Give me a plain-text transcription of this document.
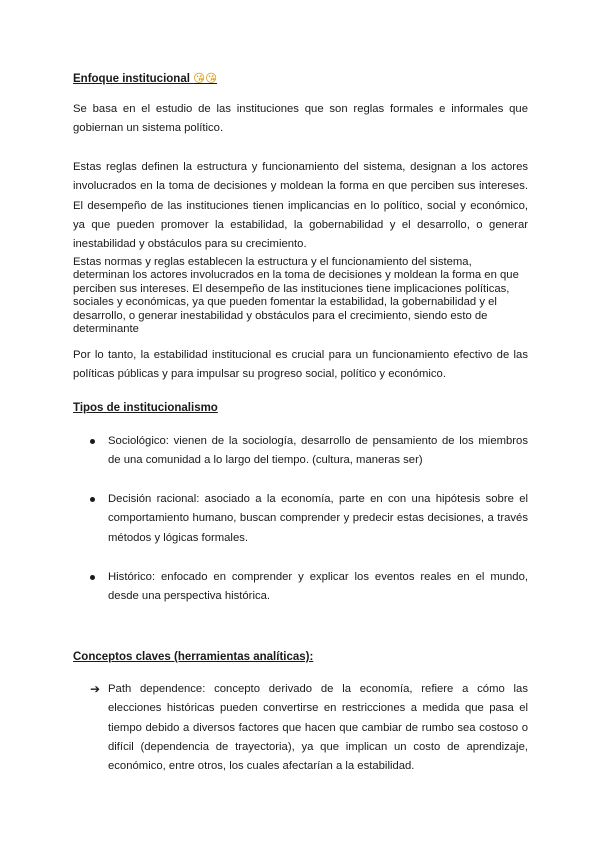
Enfoque institucional 😘😘

Se basa en el estudio de las instituciones que son reglas formales e informales que gobiernan un sistema político.

Estas reglas definen la estructura y funcionamiento del sistema, designan a los actores involucrados en la toma de decisiones y moldean la forma en que perciben sus intereses. El desempeño de las instituciones tienen implicancias en lo político, social y económico, ya que pueden promover la estabilidad, la gobernabilidad y el desarrollo, o generar inestabilidad y obstáculos para su crecimiento.

Estas normas y reglas establecen la estructura y el funcionamiento del sistema, determinan los actores involucrados en la toma de decisiones y moldean la forma en que perciben sus intereses. El desempeño de las instituciones tiene implicaciones políticas, sociales y económicas, ya que pueden fomentar la estabilidad, la gobernabilidad y el desarrollo, o generar inestabilidad y obstáculos para el crecimiento, siendo esto de determinante

Por lo tanto, la estabilidad institucional es crucial para un funcionamiento efectivo de las políticas públicas y para impulsar su progreso social, político y económico.

Tipos de institucionalismo
Sociológico: vienen de la sociología, desarrollo de pensamiento de los miembros de una comunidad a lo largo del tiempo. (cultura, maneras ser)
Decisión racional: asociado a la economía, parte en con una hipótesis sobre el comportamiento humano, buscan comprender y predecir estas decisiones, a través métodos y lógicas formales.
Histórico: enfocado en comprender y explicar los eventos reales en el mundo, desde una perspectiva histórica.
Conceptos claves (herramientas analíticas):
➔ Path dependence: concepto derivado de la economía, refiere a cómo las elecciones históricas pueden convertirse en restricciones a medida que pasa el tiempo debido a diversos factores que hacen que cambiar de rumbo sea costoso o difícil (dependencia de trayectoria), ya que implican un costo de aprendizaje, económico, entre otros, los cuales afectarían a la estabilidad.
